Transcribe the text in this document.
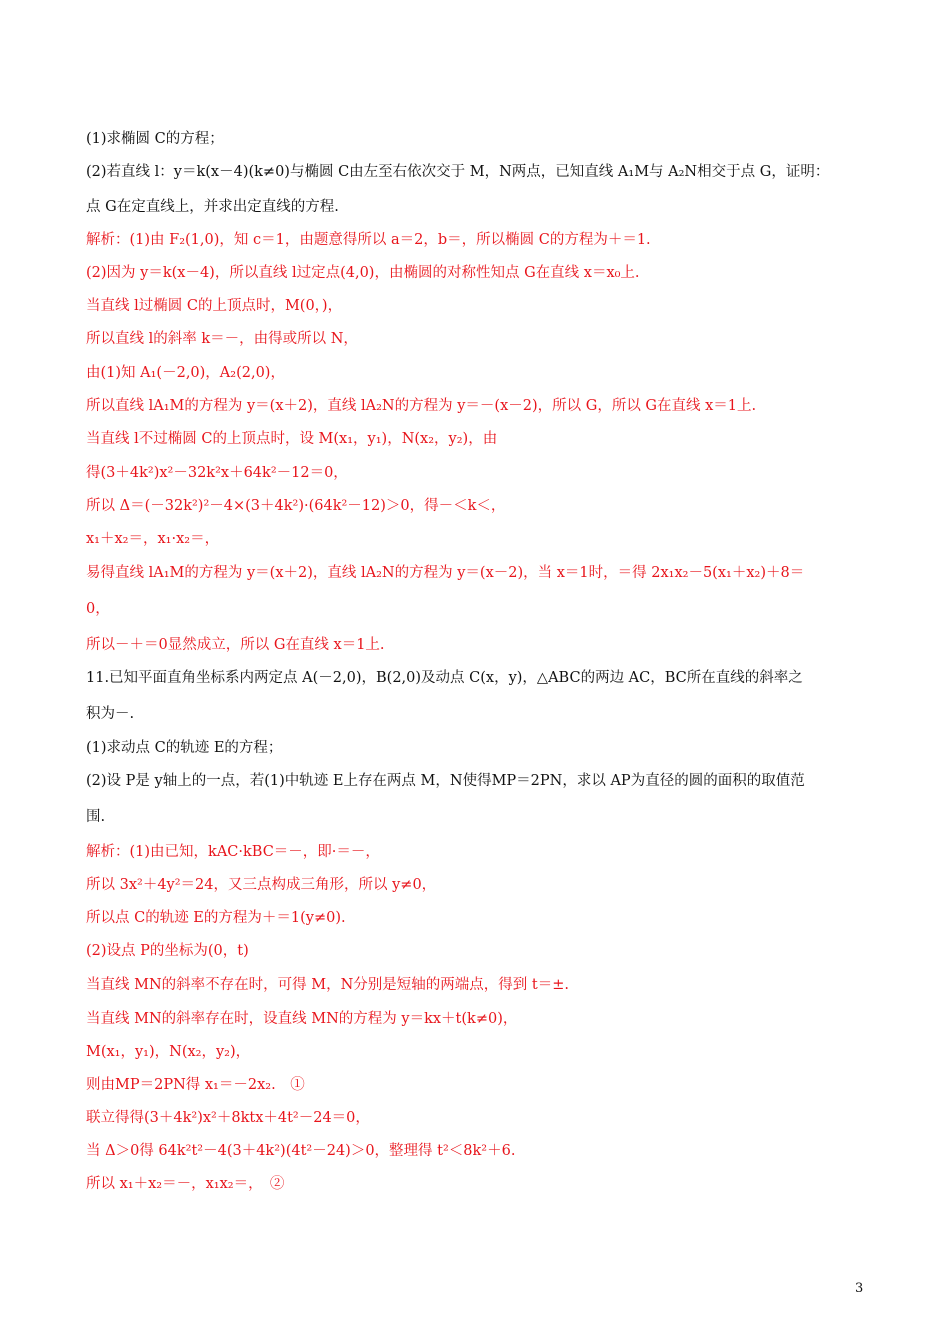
(1)求椭圆 C的方程；
(2)若直线 l：y＝k(x－4)(k≠0)与椭圆 C由左至右依次交于 M，N两点，已知直线 A₁M与 A₂N相交于点 G，证明：
点 G在定直线上，并求出定直线的方程.
解析：(1)由 F₂(1,0)，知 c＝1，由题意得所以 a＝2，b＝，所以椭圆 C的方程为＋＝1.
(2)因为 y＝k(x－4)，所以直线 l过定点(4,0)，由椭圆的对称性知点 G在直线 x＝x₀上.
当直线 l过椭圆 C的上顶点时，M(0，)，
所以直线 l的斜率 k＝－，由得或所以 N，
由(1)知 A₁(－2,0)，A₂(2,0)，
所以直线 lA₁M的方程为 y＝(x＋2)，直线 lA₂N的方程为 y＝－(x－2)，所以 G，所以 G在直线 x＝1上.
当直线 l不过椭圆 C的上顶点时，设 M(x₁，y₁)，N(x₂，y₂)，由
得(3＋4k²)x²－32k²x＋64k²－12＝0，
所以 Δ＝(－32k²)²－4×(3＋4k²)·(64k²－12)＞0，得－＜k＜，
x₁＋x₂＝，x₁·x₂＝，
易得直线 lA₁M的方程为 y＝(x＋2)，直线 lA₂N的方程为 y＝(x－2)，当 x＝1时，＝得 2x₁x₂－5(x₁＋x₂)＋8＝
0，
所以－＋＝0显然成立，所以 G在直线 x＝1上.
11.已知平面直角坐标系内两定点 A(－2,0)，B(2,0)及动点 C(x，y)，△ABC的两边 AC，BC所在直线的斜率之
积为－.
(1)求动点 C的轨迹 E的方程；
(2)设 P是 y轴上的一点，若(1)中轨迹 E上存在两点 M，N使得MP＝2PN，求以 AP为直径的圆的面积的取值范
围.
解析：(1)由已知，kAC·kBC＝－，即·＝－，
所以 3x²＋4y²＝24，又三点构成三角形，所以 y≠0，
所以点 C的轨迹 E的方程为＋＝1(y≠0).
(2)设点 P的坐标为(0，t)
当直线 MN的斜率不存在时，可得 M，N分别是短轴的两端点，得到 t＝±.
当直线 MN的斜率存在时，设直线 MN的方程为 y＝kx＋t(k≠0)，
M(x₁，y₁)，N(x₂，y₂)，
则由MP＝2PN得 x₁＝－2x₂.　①
联立得得(3＋4k²)x²＋8ktx＋4t²－24＝0，
当 Δ＞0得 64k²t²－4(3＋4k²)(4t²－24)＞0，整理得 t²＜8k²＋6.
所以 x₁＋x₂＝－，x₁x₂＝，　②
3
